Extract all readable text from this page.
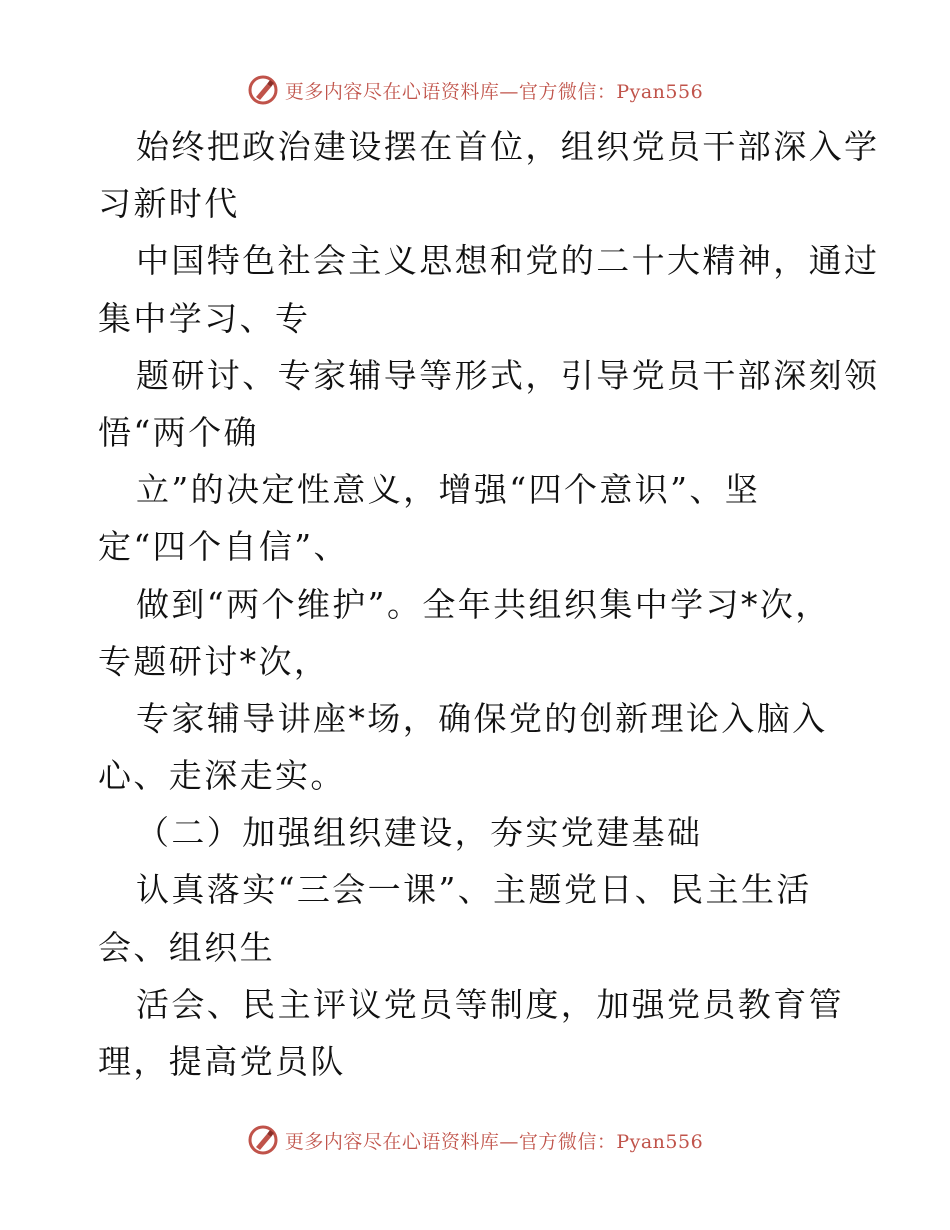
更多内容尽在心语资料库—官方微信：Pyan556
始终把政治建设摆在首位，组织党员干部深入学
习新时代
中国特色社会主义思想和党的二十大精神，通过
集中学习、专
题研讨、专家辅导等形式，引导党员干部深刻领
悟“两个确
立”的决定性意义，增强“四个意识”、坚
定“四个自信”、
做到“两个维护”。全年共组织集中学习*次，
专题研讨*次，
专家辅导讲座*场，确保党的创新理论入脑入
心、走深走实。
（二）加强组织建设，夯实党建基础
认真落实“三会一课”、主题党日、民主生活
会、组织生
活会、民主评议党员等制度，加强党员教育管
理，提高党员队
更多内容尽在心语资料库—官方微信：Pyan556
